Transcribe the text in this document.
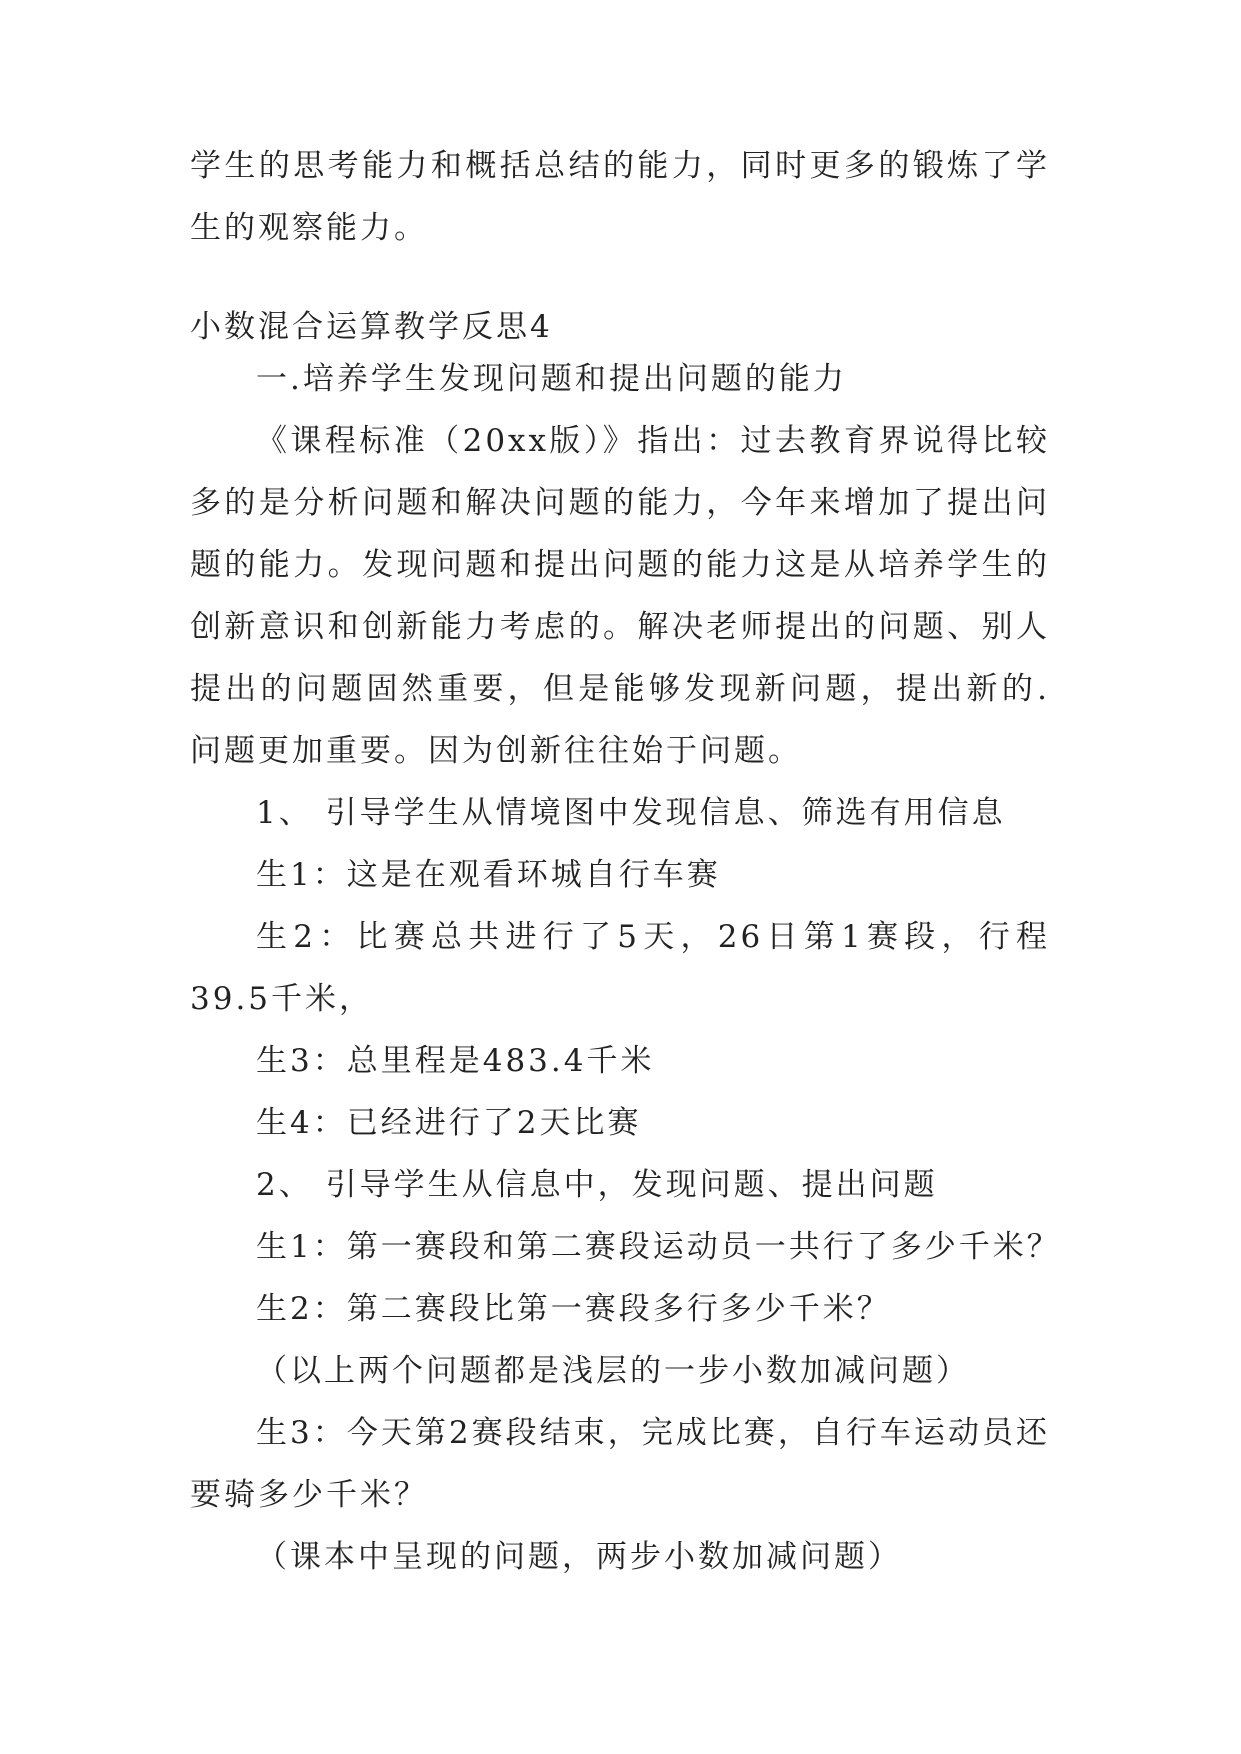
学生的思考能力和概括总结的能力，同时更多的锻炼了学生的观察能力。

小数混合运算教学反思4

一.培养学生发现问题和提出问题的能力

《课程标准（20xx版）》指出：过去教育界说得比较多的是分析问题和解决问题的能力，今年来增加了提出问题的能力。发现问题和提出问题的能力这是从培养学生的创新意识和创新能力考虑的。解决老师提出的问题、别人提出的问题固然重要，但是能够发现新问题，提出新的.问题更加重要。因为创新往往始于问题。

1、 引导学生从情境图中发现信息、筛选有用信息

生1：这是在观看环城自行车赛

生2：比赛总共进行了5天，26日第1赛段，行程39.5千米，

生3：总里程是483.4千米

生4：已经进行了2天比赛

2、 引导学生从信息中，发现问题、提出问题

生1：第一赛段和第二赛段运动员一共行了多少千米？

生2：第二赛段比第一赛段多行多少千米？

（以上两个问题都是浅层的一步小数加减问题）

生3：今天第2赛段结束，完成比赛，自行车运动员还要骑多少千米？

（课本中呈现的问题，两步小数加减问题）
